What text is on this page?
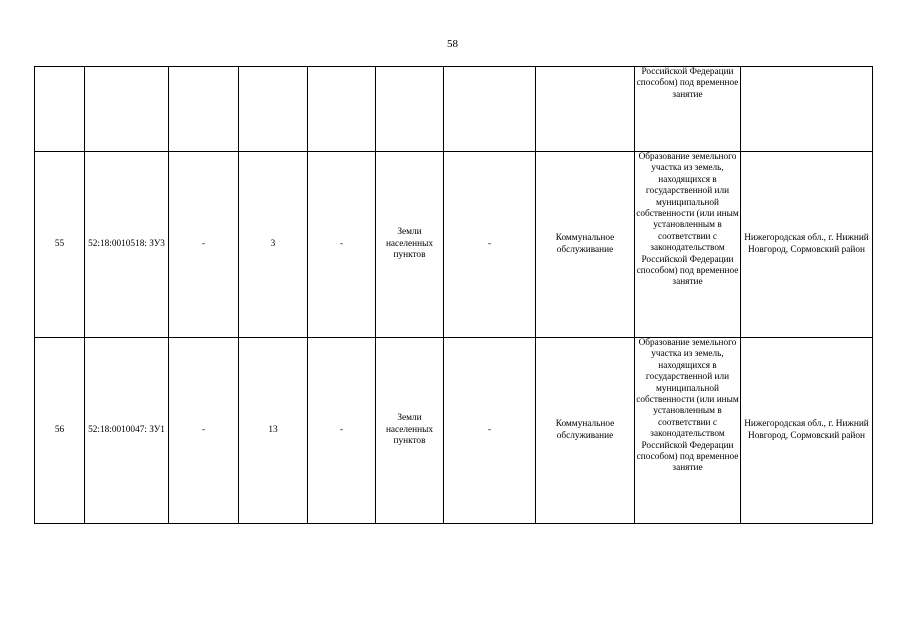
58
								Российской Федерации способом) под временное занятие	
55	52:18:0010518: ЗУ3	-	3	-	Земли населенных пунктов	-	Коммунальное обслуживание	Образование земельного участка из земель, находящихся в государственной или муниципальной собственности (или иным установленным в соответствии с законодательством Российской Федерации способом) под временное занятие	Нижегородская обл., г. Нижний Новгород, Сормовский район
56	52:18:0010047: ЗУ1	-	13	-	Земли населенных пунктов	-	Коммунальное обслуживание	Образование земельного участка из земель, находящихся в государственной или муниципальной собственности (или иным установленным в соответствии с законодательством Российской Федерации способом) под временное занятие	Нижегородская обл., г. Нижний Новгород, Сормовский район
